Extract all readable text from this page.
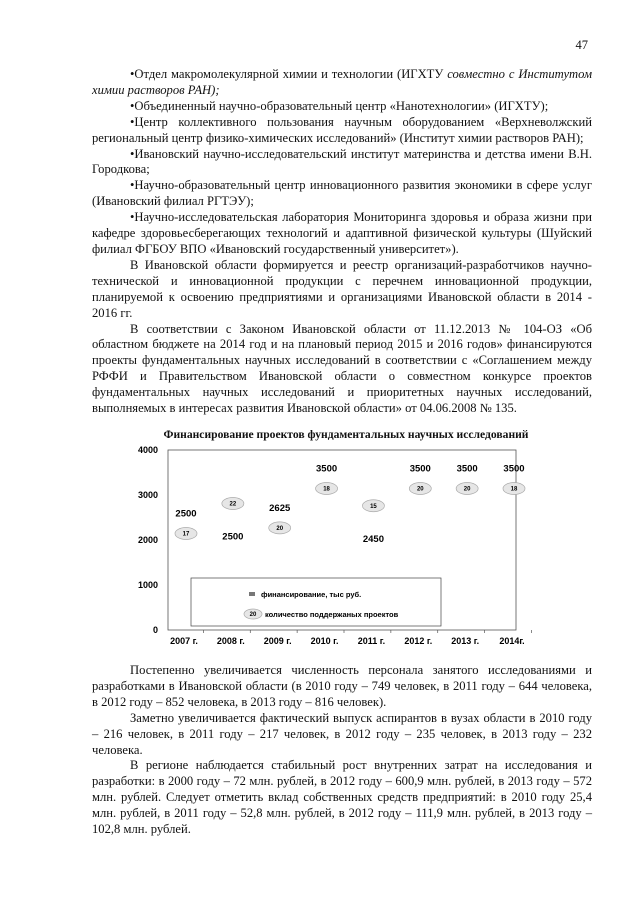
47

•Отдел макромолекулярной химии и технологии (ИГХТУ совместно с Институтом химии растворов РАН);

•Объединенный научно-образовательный центр «Нанотехнологии» (ИГХТУ);

•Центр коллективного пользования научным оборудованием «Верхневолжский региональный центр физико-химических исследований» (Институт химии растворов РАН);

•Ивановский научно-исследовательский институт материнства и детства имени В.Н. Городкова;

•Научно-образовательный центр инновационного развития экономики в сфере услуг (Ивановский филиал РГТЭУ);

•Научно-исследовательская лаборатория Мониторинга здоровья и образа жизни при кафедре здоровьесберегающих технологий и адаптивной физической культуры (Шуйский филиал ФГБОУ ВПО «Ивановский государственный университет»).

В Ивановской области формируется и реестр организаций-разработчиков научно-технической и инновационной продукции с перечнем инновационной продукции, планируемой к освоению предприятиями и организациями Ивановской области в 2014 - 2016 гг.

В соответствии с Законом Ивановской области от 11.12.2013 № 104-ОЗ «Об областном бюджете на 2014 год и на плановый период 2015 и 2016 годов» финансируются проекты фундаментальных научных исследований в соответствии с «Соглашением между РФФИ и Правительством Ивановской области о совместном конкурсе проектов фундаментальных научных исследований и приоритетных научных исследований, выполняемых в интересах развития Ивановской области» от 04.06.2008 № 135.

Финансирование проектов фундаментальных научных исследований
0
1000
2000
3000
4000
2007 г. 2008 г. 2009 г. 2010 г. 2011 г. 2012 г. 2013 г. 2014г.
17
2500
22
2500
20
2625
18
3500
15
2450
20
3500
20
3500
18
3500
финансирование, тыс руб.
20 количество поддержаных проектов

Постепенно увеличивается численность персонала занятого исследованиями и разработками в Ивановской области (в 2010 году – 749 человек, в 2011 году – 644 человека, в 2012 году – 852 человека, в 2013 году – 816 человек).

Заметно увеличивается фактический выпуск аспирантов в вузах области в 2010 году – 216 человек, в 2011 году – 217 человек, в 2012 году – 235 человек, в 2013 году – 232 человека.

В регионе наблюдается стабильный рост внутренних затрат на исследования и разработки: в 2000 году – 72 млн. рублей, в 2012 году – 600,9 млн. рублей, в 2013 году – 572 млн. рублей. Следует отметить вклад собственных средств предприятий: в 2010 году 25,4 млн. рублей, в 2011 году – 52,8 млн. рублей, в 2012 году – 111,9 млн. рублей, в 2013 году – 102,8 млн. рублей.
